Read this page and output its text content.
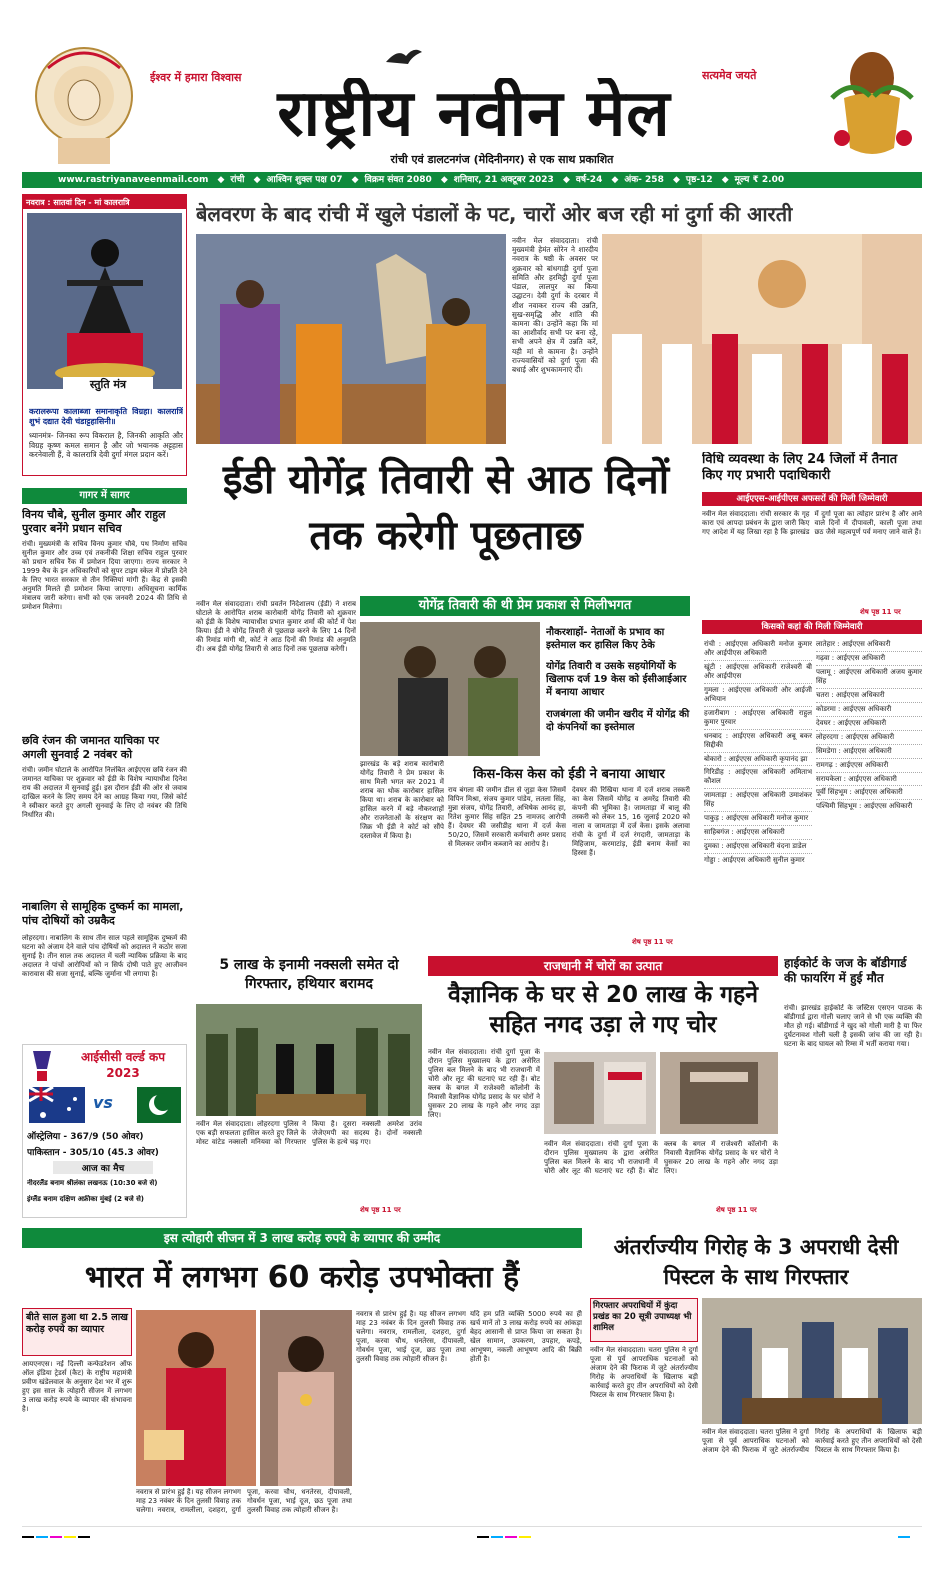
ईश्वर में हमारा विश्वास	सत्यमेव जयते
राष्ट्रीय नवीन मेल
रांची एवं डालटनगंज (मेदिनीनगर) से एक साथ प्रकाशित
www.rastriyanaveenmail.com ◆ रांची ◆ आश्विन शुक्ल पक्ष 07 ◆ विक्रम संवत 2080 ◆ शनिवार, 21 अक्टूबर 2023 ◆ वर्ष-24 ◆ अंक- 258 ◆ पृष्ठ-12 ◆ मूल्य ₹ 2.00
नवरात्र : सातवां दिन - मां कालरात्रि
स्तुति मंत्र
करालरूपा कालाब्जा समानाकृति विग्रहा। कालरात्रिं शुभं दद्यात देवी चंडाट्टहासिनी॥
ध्यानमंत्र- जिनका रूप विकराल है, जिनकी आकृति और विग्रह कृष्ण कमल समान है और जो भयानक अट्टहास करनेवाली हैं, वे कालरात्रि देवी दुर्गा मंगल प्रदान करें।
बेलवरण के बाद रांची में खुले पंडालों के पट, चारों ओर बज रही मां दुर्गा की आरती
नवीन मेल संवाददाता। रांची मुख्यमंत्री हेमंत सोरेन ने शारदीय नवरात्र के षष्ठी के अवसर पर शुक्रवार को बांधगाड़ी दुर्गा पूजा समिति और हरमिट्ठी दुर्गा पूजा पंडाल, लालपुर का किया उद्घाटन। देवी दुर्गा के दरबार में शीश नवाकर राज्य की उन्नति, सुख-समृद्धि और शांति की कामना की। उन्होंने कहा कि मां का आशीर्वाद सभी पर बना रहे, सभी अपने क्षेत्र में उन्नति करें, यही मां से कामना है। उन्होंने राज्यवासियों को दुर्गा पूजा की बधाई और शुभकामनाएं दीं।
गागर में सागर
विनय चौबे, सुनील कुमार और राहुल पुरवार बनेंगे प्रधान सचिव
रांची। मुख्यमंत्री के सचिव विनय कुमार चौबे, पथ निर्माण सचिव सुनील कुमार और उच्च एवं तकनीकी शिक्षा सचिव राहुल पुरवार को प्रधान सचिव रैंक में प्रमोशन दिया जाएगा। राज्य सरकार ने 1999 बैच के इन अधिकारियों को सुपर टाइम स्केल में प्रोन्नति देने के लिए भारत सरकार से तीन रिक्तियां मांगी हैं। केंद्र से इसकी अनुमति मिलते ही प्रमोशन किया जाएगा। अधिसूचना कार्मिक मंत्रालय जारी करेगा। सभी को एक जनवरी 2024 की तिथि से प्रमोशन मिलेगा।
छवि रंजन की जमानत याचिका पर अगली सुनवाई 2 नवंबर को
रांची। जमीन घोटाले के आरोपित निलंबित आईएएस छवि रंजन की जमानत याचिका पर शुक्रवार को ईडी के विशेष न्यायाधीश दिनेश राय की अदालत में सुनवाई हुई। इस दौरान ईडी की ओर से जवाब दाखिल करने के लिए समय देने का आग्रह किया गया, जिसे कोर्ट ने स्वीकार करते हुए अगली सुनवाई के लिए दो नवंबर की तिथि निर्धारित की।
नाबालिग से सामूहिक दुष्कर्म का मामला, पांच दोषियों को उम्रकैद
लोहरदगा। नाबालिग के साथ तीन साल पहले सामूहिक दुष्कर्म की घटना को अंजाम देने वाले पांच दोषियों को अदालत ने कठोर सजा सुनाई है। तीन साल तक अदालत में चली न्यायिक प्रक्रिया के बाद अदालत ने पांचों आरोपियों को न सिर्फ दोषी पाते हुए आजीवन कारावास की सजा सुनाई, बल्कि जुर्माना भी लगाया है।
आईसीसी वर्ल्ड कप 2023
vs
ऑस्ट्रेलिया - 367/9 (50 ओवर)
पाकिस्तान - 305/10 (45.3 ओवर)
आज का मैच
नीदरलैंड बनाम श्रीलंका लखनऊ (10:30 बजे से)
इंग्लैंड बनाम दक्षिण अफ्रीका मुंबई (2 बजे से)
ईडी योगेंद्र तिवारी से आठ दिनों तक करेगी पूछताछ
योगेंद्र तिवारी की थी प्रेम प्रकाश से मिलीभगत
नवीन मेल संवाददाता। रांची प्रवर्तन निदेशालय (ईडी) ने शराब घोटाले के आरोपित शराब कारोबारी योगेंद्र तिवारी को शुक्रवार को ईडी के विशेष न्यायाधीश प्रभात कुमार शर्मा की कोर्ट में पेश किया। ईडी ने योगेंद्र तिवारी से पूछताछ करने के लिए 14 दिनों की रिमांड मांगी थी, कोर्ट ने आठ दिनों की रिमांड की अनुमति दी। अब ईडी योगेंद्र तिवारी से आठ दिनों तक पूछताछ करेगी।
नौकरशाहों- नेताओं के प्रभाव का इस्तेमाल कर हासिल किए ठेके
योगेंद्र तिवारी व उसके सहयोगियों के खिलाफ दर्ज 19 केस को ईसीआईआर में बनाया आधार
राजबंगला की जमीन खरीद में योगेंद्र की दो कंपनियों का इस्तेमाल
झारखंड के बड़े शराब कारोबारी योगेंद्र तिवारी ने प्रेम प्रकाश के साथ मिली भगत कर 2021 में शराब का थोक कारोबार हासिल किया था। शराब के कारोबार को हासिल करने में बड़े नौकरशाहों और राजनेताओं के संरक्षण का जिक्र भी ईडी ने कोर्ट को सौंपे दस्तावेज में किया है।
किस-किस केस को ईडी ने बनाया आधार
राय बंगला की जमीन डील से जुड़ा केस जिसमें विपिन मिश्रा, संजय कुमार पांडेय, लतला सिंह, मुन्ना संजय, योगेंद्र तिवारी, अभिषेक आनंद हा, रितेश कुमार सिंह सहित 25 नामजद आरोपी हैं। देवघर की जसीडीह थाना में दर्ज केस 50/20, जिसमें सरकारी कर्मचारी अमर प्रसाद से मिलकर जमीन कब्जाने का आरोप है।
देवघर की रिखिया थाना में दर्ज शराब तस्करी का केस जिसमें योगेंद्र व अमरेंद्र तिवारी की कंपनी की भूमिका है। जामताड़ा में बालू की तस्करी को लेकर 15, 16 जुलाई 2020 को नाला व जामताड़ा में दर्ज केस। इसके अलावा रांची के दुर्गा में दर्ज रंगदारी, जामताड़ा के मिहिजाम, करमाटांड़, ईडी बनाम केसों का हिस्सा हैं।
शेष पृष्ठ 11 पर
विधि व्यवस्था के लिए 24 जिलों में तैनात किए गए प्रभारी पदाधिकारी
आईएएस-आईपीएस अफसरों की मिली जिम्मेवारी
नवीन मेल संवाददाता। रांची सरकार के गृह कारा एवं आपदा प्रबंधन के द्वारा जारी किए गए आदेश में यह लिखा रहा है कि झारखंड में दुर्गा पूजा का त्योहार प्रारंभ है और आने वाले दिनों में दीपावली, काली पूजा तथा छठ जैसे महत्वपूर्ण पर्व मनाए जाने वाले हैं।
शेष पृष्ठ 11 पर
किसको कहां की मिली जिम्मेवारी
रांची : आईएएस अधिकारी मनोज कुमार और आईपीएस अधिकारी
खूंटी : आईएएस अधिकारी राजेश्वरी बी और आईपीएस
गुमला : आईएएस अधिकारी और आईजी अभियान
हजारीबाग : आईएएस अधिकारी राहुल कुमार पुरवार
धनबाद : आईएएस अधिकारी अबू बकर सिद्दीकी
बोकारो : आईएएस अधिकारी कृपानंद झा
गिरिडीह : आईएएस अधिकारी अमिताभ कौशल
जामताड़ा : आईएएस अधिकारी उमाशंकर सिंह
पाकुड़ : आईएएस अधिकारी मनोज कुमार
साहिबगंज : आईएएस अधिकारी
दुमका : आईएएस अधिकारी वंदना डाडेल
गोड्डा : आईएएस अधिकारी सुनील कुमार
लातेहार : आईएएस अधिकारी
गढ़वा : आईएएस अधिकारी
पलामू : आईएएस अधिकारी अजय कुमार सिंह
चतरा : आईएएस अधिकारी
कोडरमा : आईएएस अधिकारी
देवघर : आईएएस अधिकारी
लोहरदगा : आईएएस अधिकारी
सिमडेगा : आईएएस अधिकारी
रामगढ़ : आईएएस अधिकारी
सरायकेला : आईएएस अधिकारी
पूर्वी सिंहभूम : आईएएस अधिकारी
पश्चिमी सिंहभूम : आईएएस अधिकारी
5 लाख के इनामी नक्सली समेत दो गिरफ्तार, हथियार बरामद
नवीन मेल संवाददाता। लोहरदगा पुलिस ने एक बड़ी सफलता हासिल करते हुए जिले के मोस्ट वांटेड नक्सली मनियवा को गिरफ्तार किया है। दूसरा नक्सली अमरेश उरांव जेजेएमपी का सदस्य है। दोनों नक्सली पुलिस के हत्थे चढ़ गए।
शेष पृष्ठ 11 पर
राजधानी में चोरों का उत्पात
वैज्ञानिक के घर से 20 लाख के गहने सहित नगद उड़ा ले गए चोर
नवीन मेल संवाददाता। रांची दुर्गा पूजा के दौरान पुलिस मुख्यालय के द्वारा असेरित पुलिस बल मिलने के बाद भी राजधानी में चोरी और लूट की घटनाएं घट रही हैं। बोट क्लब के बगल में राजेश्वरी कॉलोनी के निवासी वैज्ञानिक योगेंद्र प्रसाद के घर चोरों ने घुसकर 20 लाख के गहने और नगद उड़ा लिए।
नवीन मेल संवाददाता। रांची दुर्गा पूजा के दौरान पुलिस मुख्यालय के द्वारा असेरित पुलिस बल मिलने के बाद भी राजधानी में चोरी और लूट की घटनाएं घट रही हैं। बोट क्लब के बगल में राजेश्वरी कॉलोनी के निवासी वैज्ञानिक योगेंद्र प्रसाद के घर चोरों ने घुसकर 20 लाख के गहने और नगद उड़ा लिए।
शेष पृष्ठ 11 पर
हाईकोर्ट के जज के बॉडीगार्ड की फायरिंग में हुई मौत
रांची। झारखंड हाईकोर्ट के जस्टिस एसएन पाठक के बॉडीगार्ड द्वारा गोली चलाए जाने से भी एक व्यक्ति की मौत हो गई। बॉडीगार्ड ने खुद को गोली मारी है या फिर दुर्घटनावश गोली चली है इसकी जांच की जा रही है। घटना के बाद घायल को रिम्स में भर्ती कराया गया।
इस त्योहारी सीजन में 3 लाख करोड़ रुपये के व्यापार की उम्मीद
भारत में लगभग 60 करोड़ उपभोक्ता हैं
बीते साल हुआ था 2.5 लाख करोड़ रुपये का व्यापार
आयएनएस। नई दिल्ली कन्फेडरेशन ऑफ ऑल इंडिया ट्रेडर्स (कैट) के राष्ट्रीय महामंत्री प्रवीण खंडेलवाल के अनुसार देश भर में शुरू हुए इस साल के त्योहारी सीजन में लगभग 3 लाख करोड़ रुपये के व्यापार की संभावना है।
नवरात्र से प्रारंभ हुई है। यह सीजन लगभग माह 23 नवंबर के दिन तुलसी विवाह तक चलेगा। नवरात्र, रामलीला, दशहरा, दुर्गा पूजा, करवा चौथ, धनतेरस, दीपावली, गोवर्धन पूजा, भाई दूज, छठ पूजा तथा तुलसी विवाह तक त्योहारी सीजन है।
नवरात्र से प्रारंभ हुई है। यह सीजन लगभग माह 23 नवंबर के दिन तुलसी विवाह तक चलेगा। नवरात्र, रामलीला, दशहरा, दुर्गा पूजा, करवा चौथ, धनतेरस, दीपावली, गोवर्धन पूजा, भाई दूज, छठ पूजा तथा तुलसी विवाह तक त्योहारी सीजन है।
यदि हम प्रति व्यक्ति 5000 रुपये का ही खर्च मानें तो 3 लाख करोड़ रुपये का आंकड़ा बेहद आसानी से प्राप्त किया जा सकता है। खेल सामान, उपकरण, उपहार, कपड़े, आभूषण, नकली आभूषण आदि की बिक्री होती है।
अंतर्राज्यीय गिरोह के 3 अपराधी देसी पिस्टल के साथ गिरफ्तार
गिरफ्तार अपराधियों में कुंदा प्रखंड का 20 सूत्री उपाध्यक्ष भी शामिल
नवीन मेल संवाददाता। चतरा पुलिस ने दुर्गा पूजा से पूर्व आपराधिक घटनाओं को अंजाम देने की फिराक में जुटे अंतर्राज्यीय गिरोह के अपराधियों के खिलाफ बड़ी कार्रवाई करते हुए तीन अपराधियों को देसी पिस्टल के साथ गिरफ्तार किया है।
नवीन मेल संवाददाता। चतरा पुलिस ने दुर्गा पूजा से पूर्व आपराधिक घटनाओं को अंजाम देने की फिराक में जुटे अंतर्राज्यीय गिरोह के अपराधियों के खिलाफ बड़ी कार्रवाई करते हुए तीन अपराधियों को देसी पिस्टल के साथ गिरफ्तार किया है।
